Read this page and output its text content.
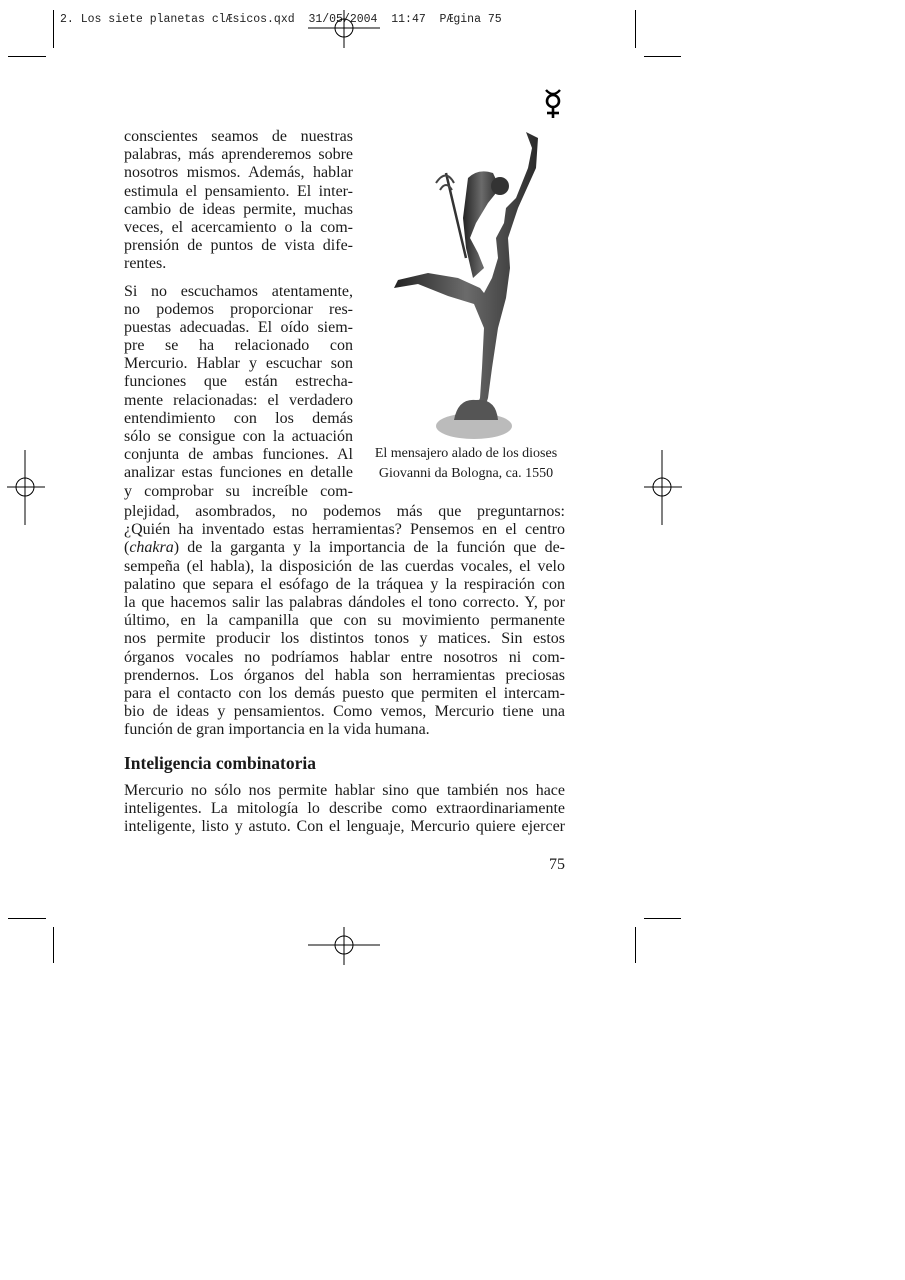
2. Los siete planetas clÆsicos.qxd  31/05/2004  11:47  PÆgina 75
El mensajero alado de los dioses
Giovanni da Bologna, ca. 1550
conscientes seamos de nuestras
palabras, más aprenderemos sobre
nosotros mismos. Además, hablar
estimula el pensamiento. El inter-
cambio de ideas permite, muchas
veces, el acercamiento o la com-
prensión de puntos de vista dife-
rentes.
Si no escuchamos atentamente,
no podemos proporcionar res-
puestas adecuadas. El oído siem-
pre se ha relacionado con
Mercurio. Hablar y escuchar son
funciones que están estrecha-
mente relacionadas: el verdadero
entendimiento con los demás
sólo se consigue con la actuación
conjunta de ambas funciones. Al
analizar estas funciones en detalle
y comprobar su increíble com-
plejidad, asombrados, no podemos más que preguntarnos:
¿Quién ha inventado estas herramientas? Pensemos en el centro
(chakra) de la garganta y la importancia de la función que de-
sempeña (el habla), la disposición de las cuerdas vocales, el velo
palatino que separa el esófago de la tráquea y la respiración con
la que hacemos salir las palabras dándoles el tono correcto. Y, por
último, en la campanilla que con su movimiento permanente
nos permite producir los distintos tonos y matices. Sin estos
órganos vocales no podríamos hablar entre nosotros ni com-
prendernos. Los órganos del habla son herramientas preciosas
para el contacto con los demás puesto que permiten el intercam-
bio de ideas y pensamientos. Como vemos, Mercurio tiene una
función de gran importancia en la vida humana.
Inteligencia combinatoria
Mercurio no sólo nos permite hablar sino que también nos hace
inteligentes. La mitología lo describe como extraordinariamente
inteligente, listo y astuto. Con el lenguaje, Mercurio quiere ejercer
75
